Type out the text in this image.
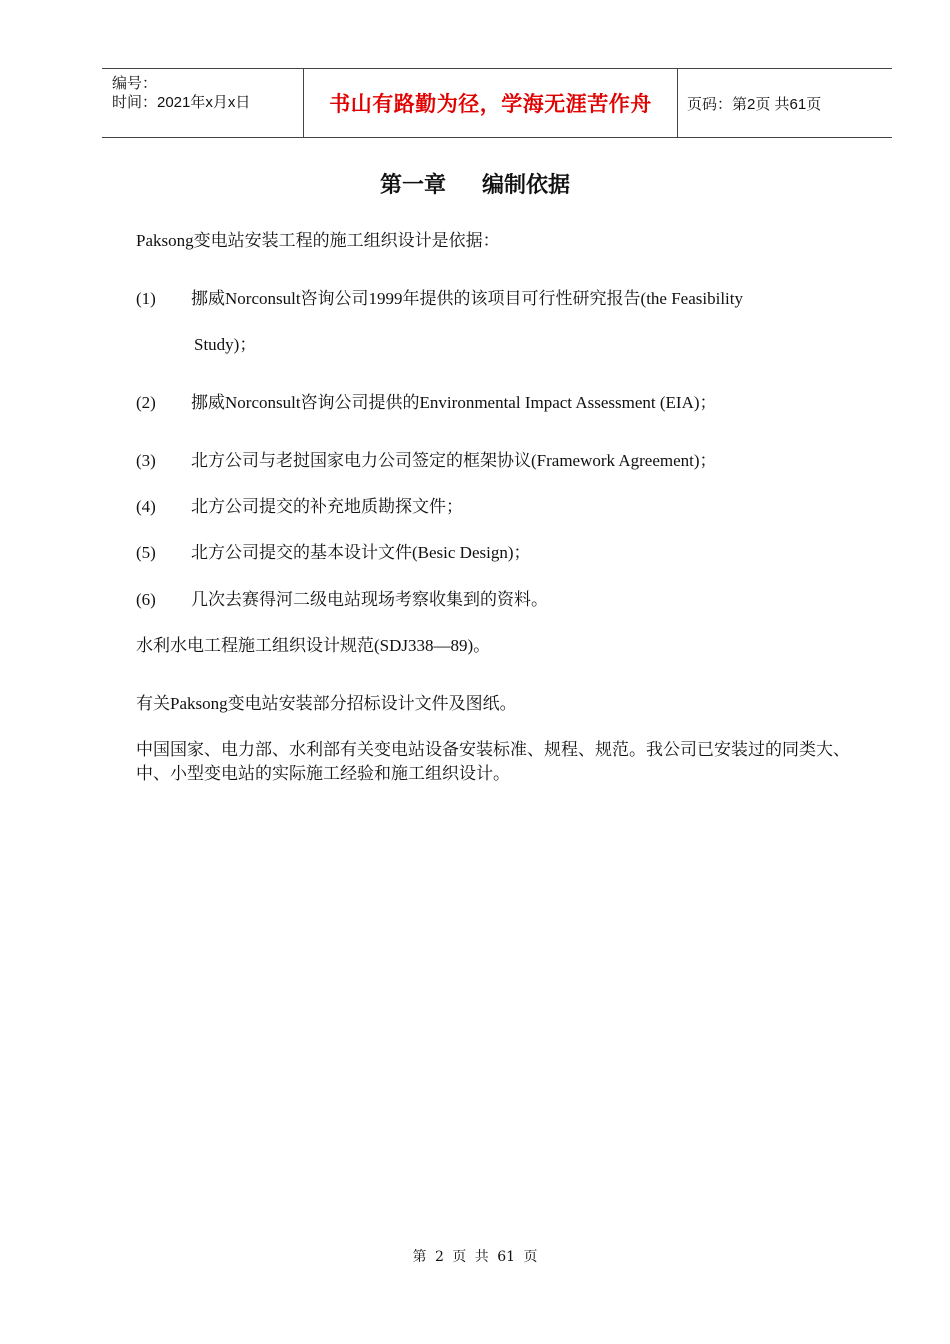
编号：
时间：2021年x月x日	书山有路勤为径，学海无涯苦作舟 页码：第2页 共61页
第一章 编制依据
Paksong变电站安装工程的施工组织设计是依据：
(1) 挪威Norconsult咨询公司1999年提供的该项目可行性研究报告(the Feasibility
Study)；
(2) 挪威Norconsult咨询公司提供的Environmental Impact Assessment (EIA)；
(3) 北方公司与老挝国家电力公司签定的框架协议(Framework Agreement)；
(4) 北方公司提交的补充地质勘探文件；
(5) 北方公司提交的基本设计文件(Besic Design)；
(6) 几次去赛得河二级电站现场考察收集到的资料。
水利水电工程施工组织设计规范(SDJ338—89)。
有关Paksong变电站安装部分招标设计文件及图纸。
中国国家、电力部、水利部有关变电站设备安装标准、规程、规范。我公司已安装过的同类大、中、小型变电站的实际施工经验和施工组织设计。
第 2 页 共 61 页
